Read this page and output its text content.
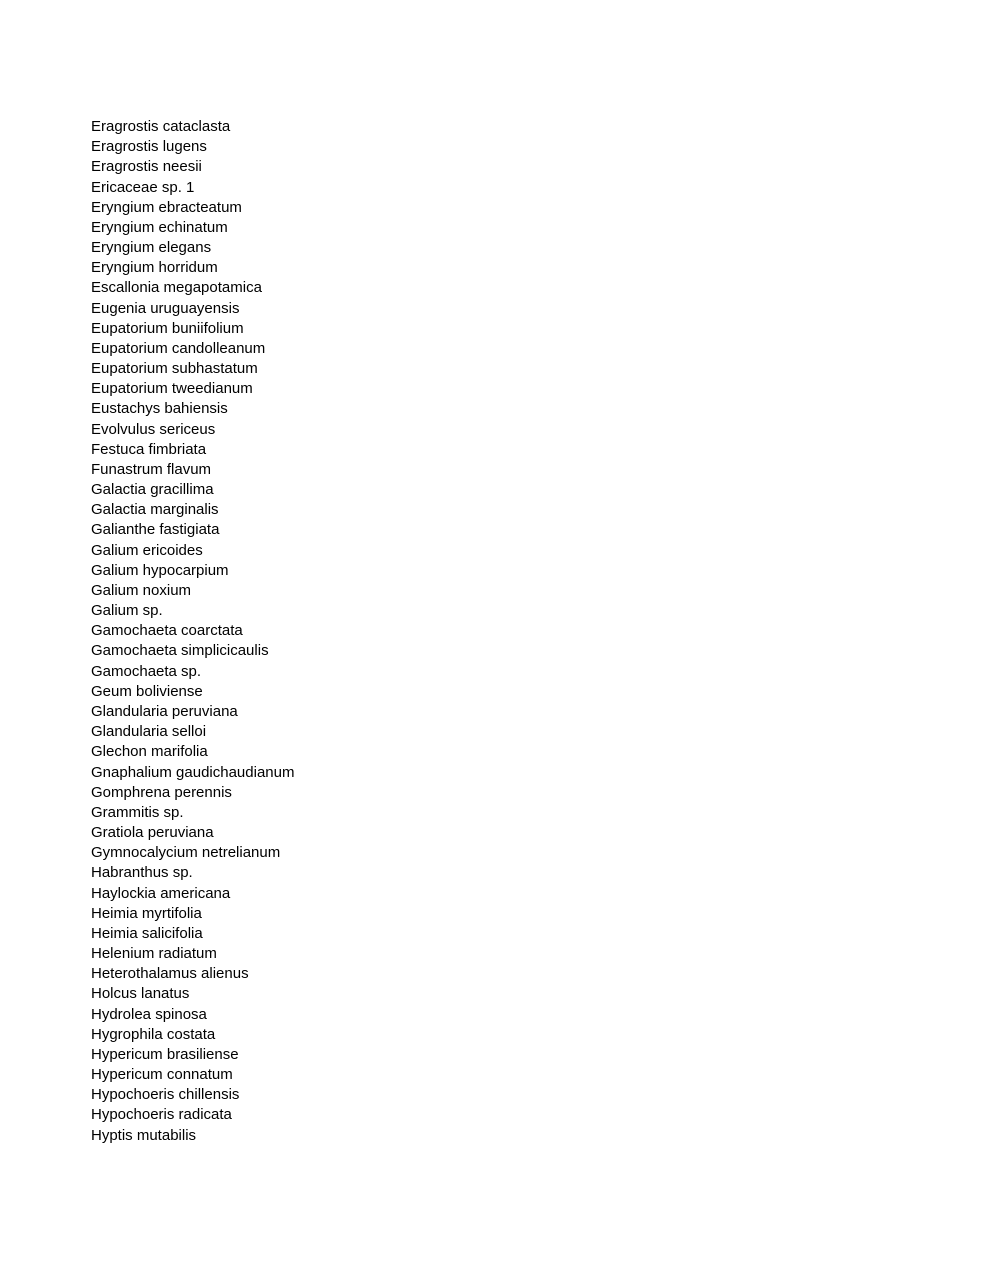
Eragrostis cataclasta
Eragrostis lugens
Eragrostis neesii
Ericaceae sp. 1
Eryngium ebracteatum
Eryngium echinatum
Eryngium elegans
Eryngium horridum
Escallonia megapotamica
Eugenia uruguayensis
Eupatorium buniifolium
Eupatorium candolleanum
Eupatorium subhastatum
Eupatorium tweedianum
Eustachys bahiensis
Evolvulus sericeus
Festuca fimbriata
Funastrum flavum
Galactia gracillima
Galactia marginalis
Galianthe fastigiata
Galium ericoides
Galium hypocarpium
Galium noxium
Galium sp.
Gamochaeta coarctata
Gamochaeta simplicicaulis
Gamochaeta sp.
Geum boliviense
Glandularia peruviana
Glandularia selloi
Glechon marifolia
Gnaphalium gaudichaudianum
Gomphrena perennis
Grammitis sp.
Gratiola peruviana
Gymnocalycium netrelianum
Habranthus sp.
Haylockia americana
Heimia myrtifolia
Heimia salicifolia
Helenium radiatum
Heterothalamus alienus
Holcus lanatus
Hydrolea spinosa
Hygrophila costata
Hypericum brasiliense
Hypericum connatum
Hypochoeris chillensis
Hypochoeris radicata
Hyptis mutabilis
